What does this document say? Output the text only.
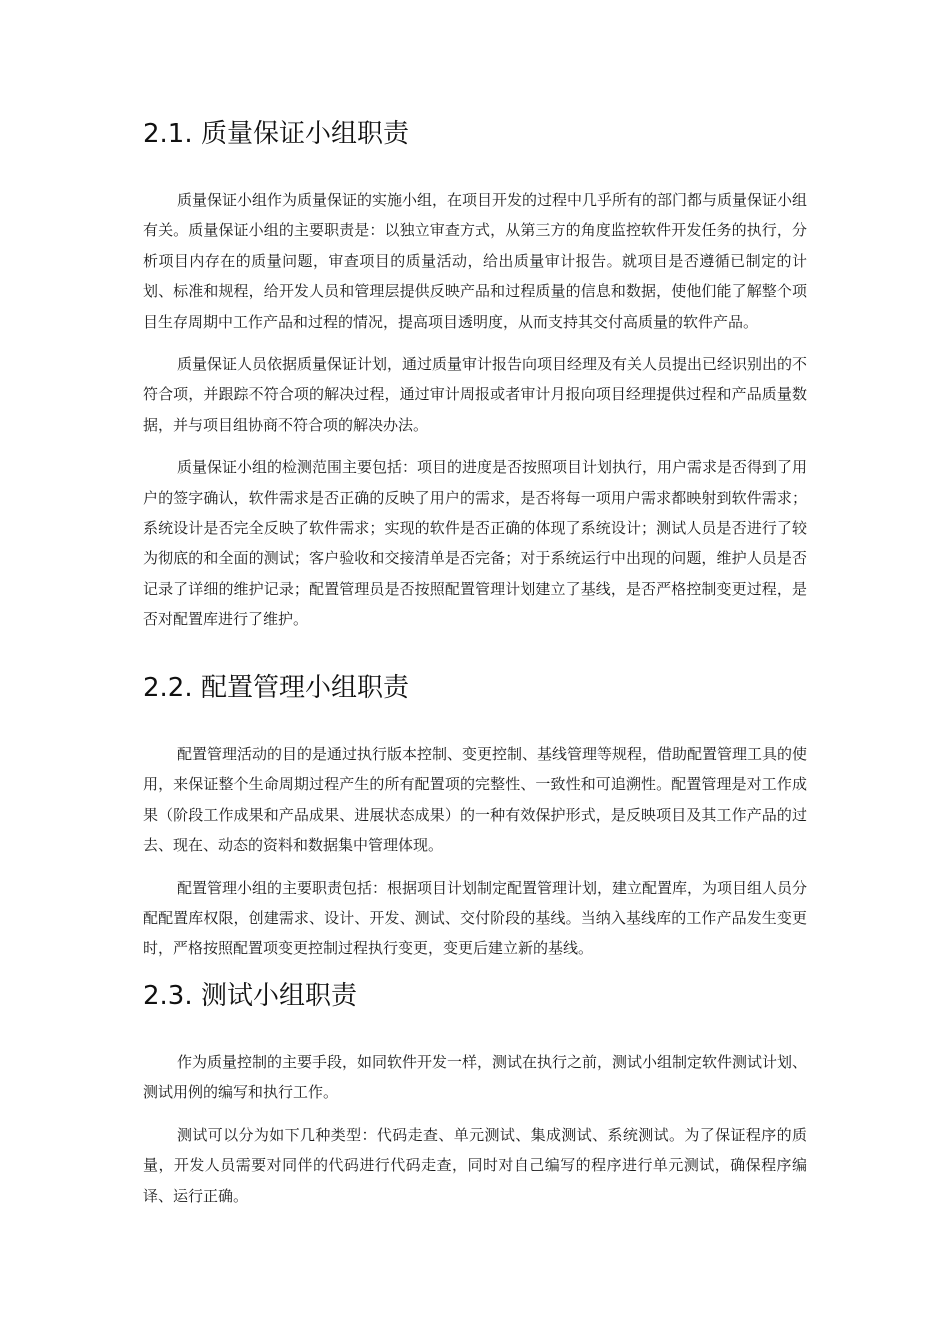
2.1. 质量保证小组职责

质量保证小组作为质量保证的实施小组，在项目开发的过程中几乎所有的部门都与质量保证小组有关。质量保证小组的主要职责是：以独立审查方式，从第三方的角度监控软件开发任务的执行，分析项目内存在的质量问题，审查项目的质量活动，给出质量审计报告。就项目是否遵循已制定的计划、标准和规程，给开发人员和管理层提供反映产品和过程质量的信息和数据，使他们能了解整个项目生存周期中工作产品和过程的情况，提高项目透明度，从而支持其交付高质量的软件产品。

质量保证人员依据质量保证计划，通过质量审计报告向项目经理及有关人员提出已经识别出的不符合项，并跟踪不符合项的解决过程，通过审计周报或者审计月报向项目经理提供过程和产品质量数据，并与项目组协商不符合项的解决办法。

质量保证小组的检测范围主要包括：项目的进度是否按照项目计划执行，用户需求是否得到了用户的签字确认，软件需求是否正确的反映了用户的需求，是否将每一项用户需求都映射到软件需求；系统设计是否完全反映了软件需求；实现的软件是否正确的体现了系统设计；测试人员是否进行了较为彻底的和全面的测试；客户验收和交接清单是否完备；对于系统运行中出现的问题，维护人员是否记录了详细的维护记录；配置管理员是否按照配置管理计划建立了基线，是否严格控制变更过程，是否对配置库进行了维护。

2.2. 配置管理小组职责

配置管理活动的目的是通过执行版本控制、变更控制、基线管理等规程，借助配置管理工具的使用，来保证整个生命周期过程产生的所有配置项的完整性、一致性和可追溯性。配置管理是对工作成果（阶段工作成果和产品成果、进展状态成果）的一种有效保护形式，是反映项目及其工作产品的过去、现在、动态的资料和数据集中管理体现。

配置管理小组的主要职责包括：根据项目计划制定配置管理计划，建立配置库，为项目组人员分配配置库权限，创建需求、设计、开发、测试、交付阶段的基线。当纳入基线库的工作产品发生变更时，严格按照配置项变更控制过程执行变更，变更后建立新的基线。

2.3. 测试小组职责

作为质量控制的主要手段，如同软件开发一样，测试在执行之前，测试小组制定软件测试计划、测试用例的编写和执行工作。

测试可以分为如下几种类型：代码走查、单元测试、集成测试、系统测试。为了保证程序的质量，开发人员需要对同伴的代码进行代码走查，同时对自己编写的程序进行单元测试，确保程序编译、运行正确。
